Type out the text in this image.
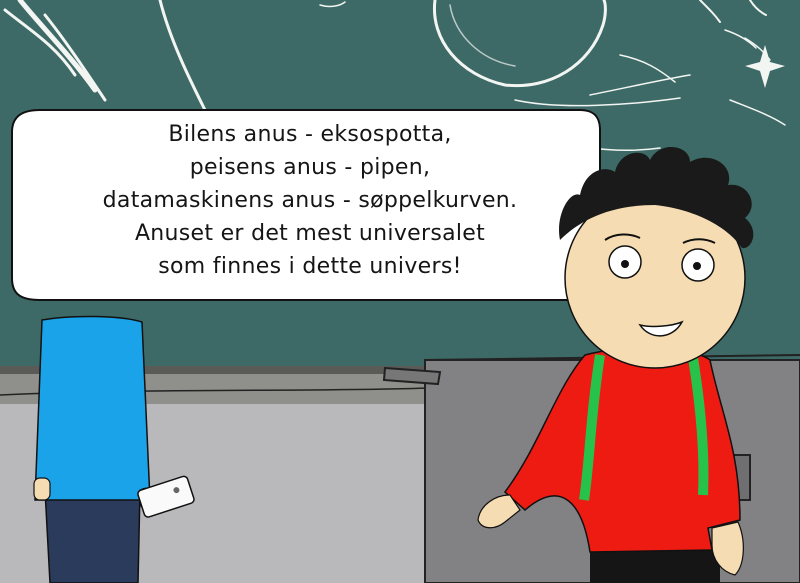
Bilens anus - eksospotta,
peisens anus - pipen,
datamaskinens anus - søppelkurven.
Anuset er det mest universalet
som finnes i dette univers!
